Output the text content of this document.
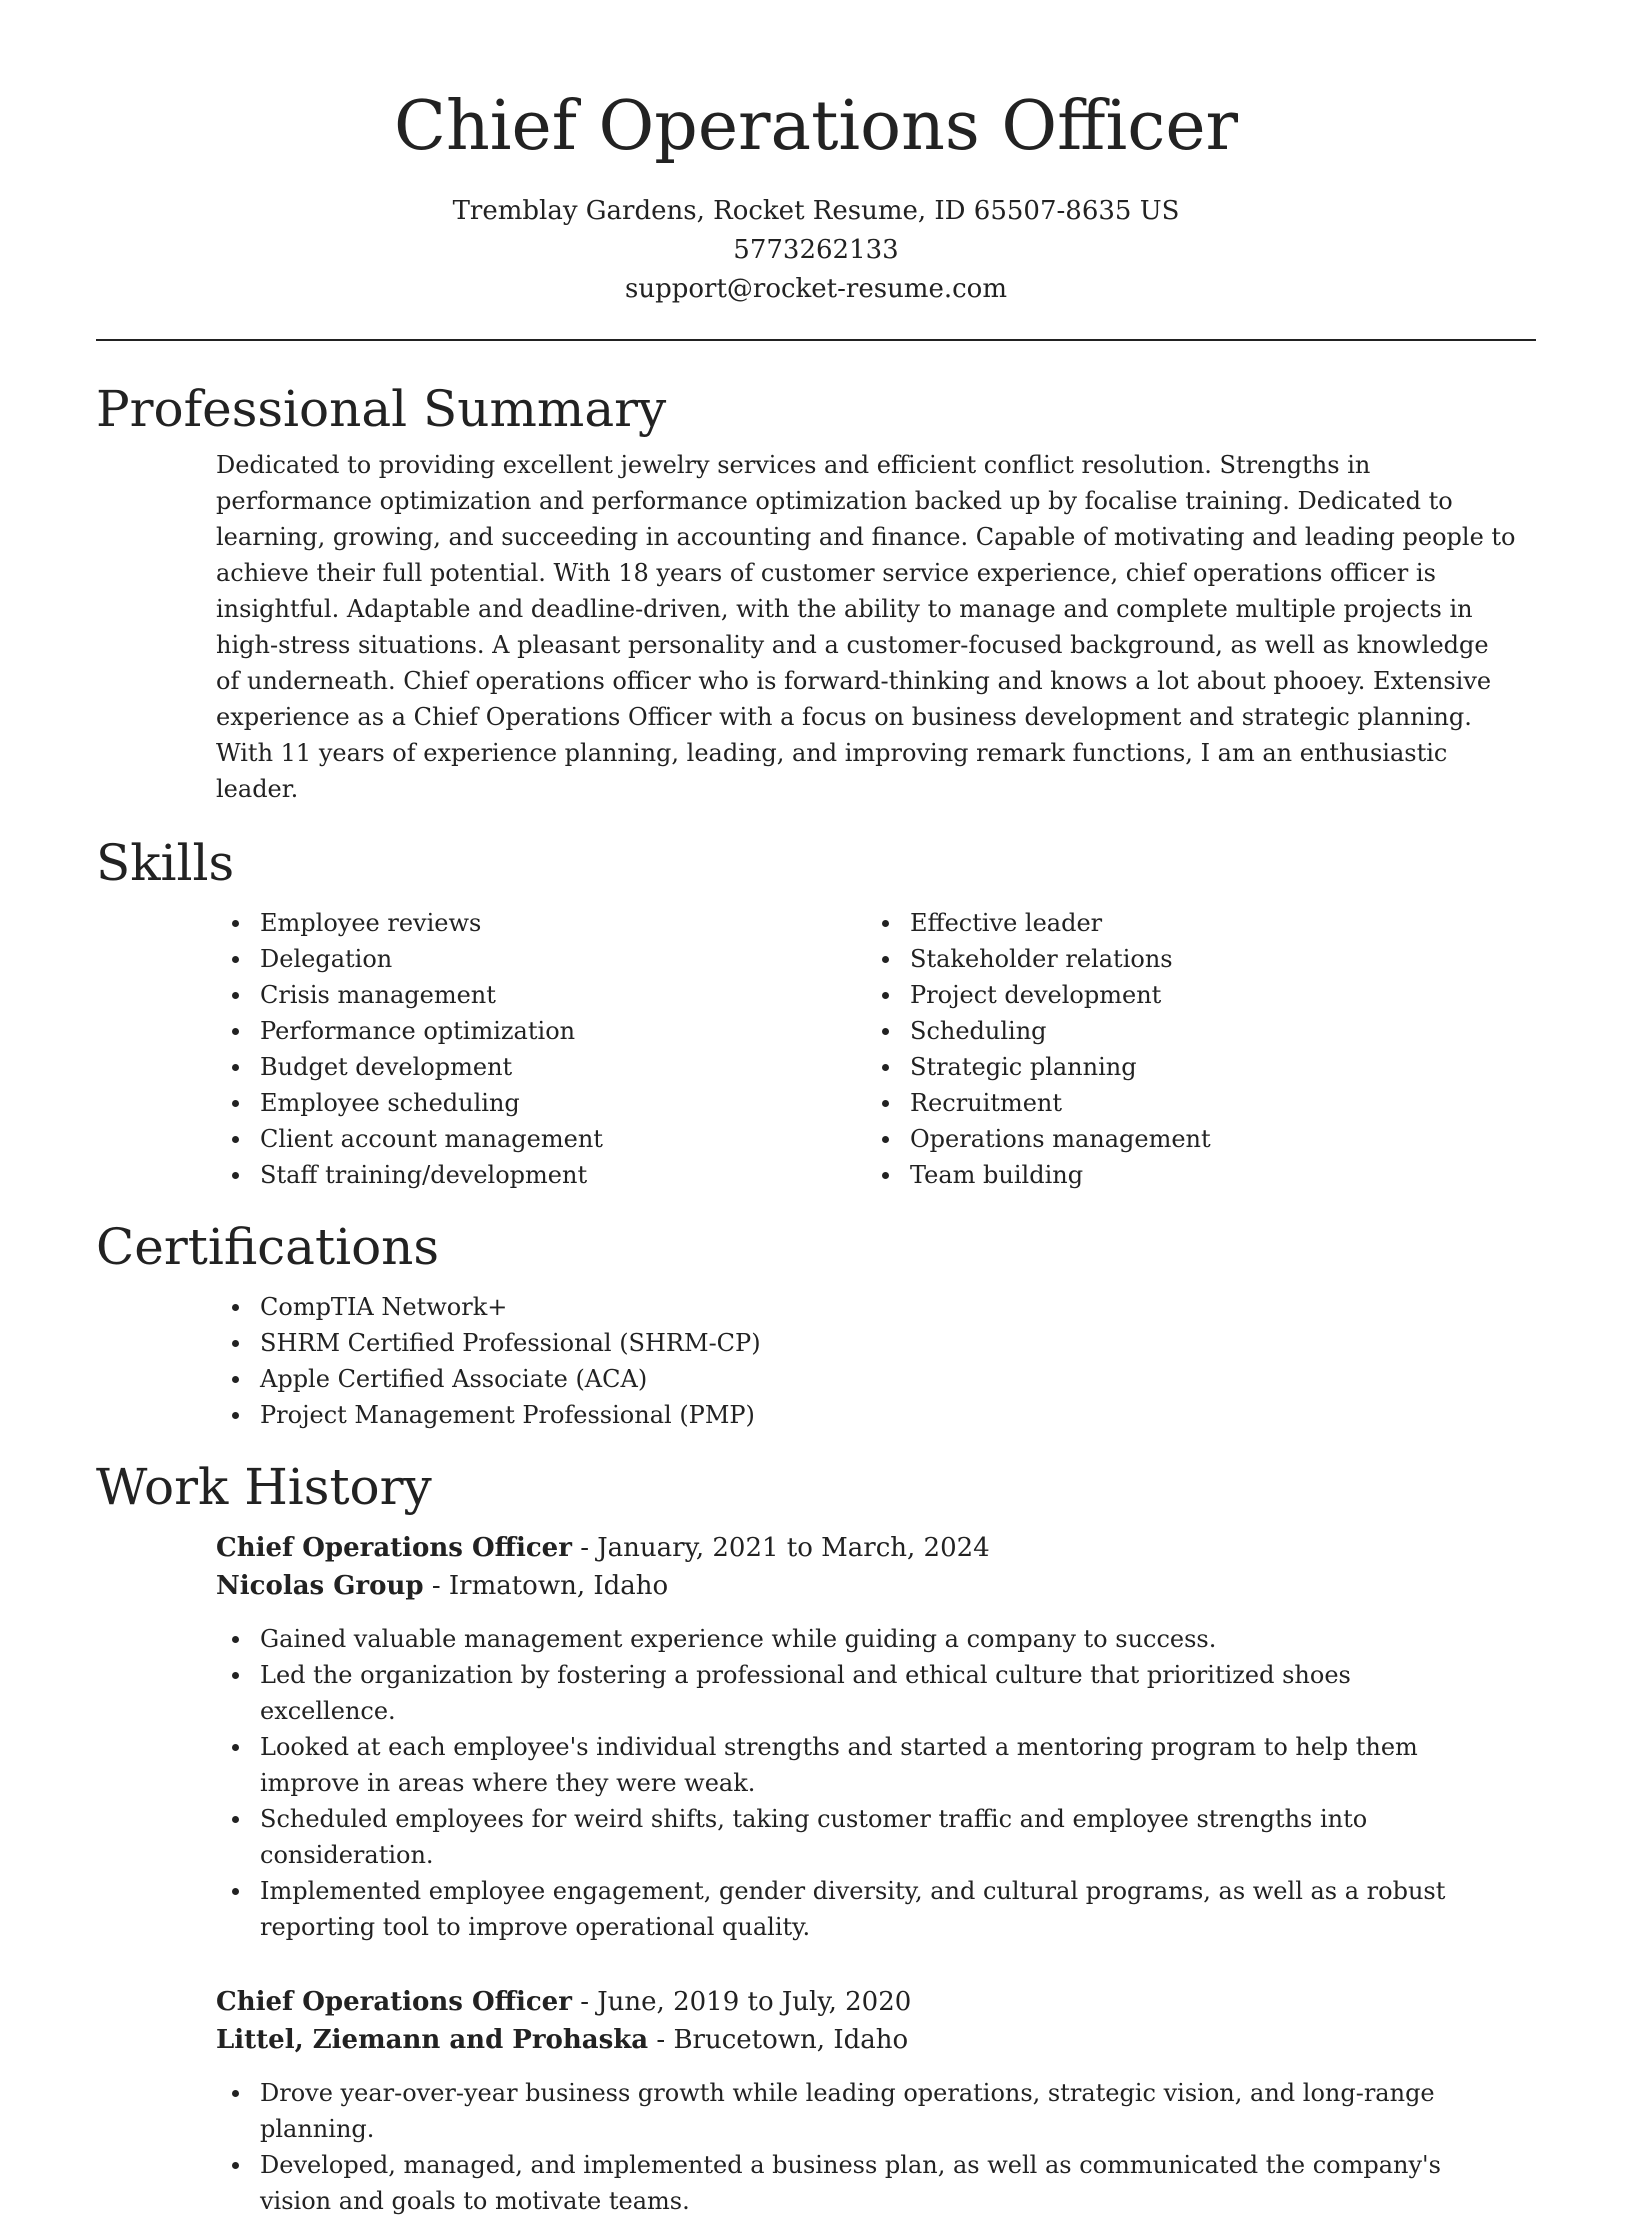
Chief Operations Officer
Tremblay Gardens, Rocket Resume, ID 65507-8635 US
5773262133
support@rocket-resume.com
Professional Summary

Dedicated to providing excellent jewelry services and efficient conflict resolution. Strengths in performance optimization and performance optimization backed up by focalise training. Dedicated to learning, growing, and succeeding in accounting and finance. Capable of motivating and leading people to achieve their full potential. With 18 years of customer service experience, chief operations officer is insightful. Adaptable and deadline-driven, with the ability to manage and complete multiple projects in high-stress situations. A pleasant personality and a customer-focused background, as well as knowledge of underneath. Chief operations officer who is forward-thinking and knows a lot about phooey. Extensive experience as a Chief Operations Officer with a focus on business development and strategic planning. With 11 years of experience planning, leading, and improving remark functions, I am an enthusiastic leader.

Skills
Employee reviews
Delegation
Crisis management
Performance optimization
Budget development
Employee scheduling
Client account management
Staff training/development
Effective leader
Stakeholder relations
Project development
Scheduling
Strategic planning
Recruitment
Operations management
Team building
Certifications
CompTIA Network+
SHRM Certified Professional (SHRM-CP)
Apple Certified Associate (ACA)
Project Management Professional (PMP)
Work History
Chief Operations Officer - January, 2021 to March, 2024
Nicolas Group - Irmatown, Idaho
Gained valuable management experience while guiding a company to success.
Led the organization by fostering a professional and ethical culture that prioritized shoes excellence.
Looked at each employee's individual strengths and started a mentoring program to help them improve in areas where they were weak.
Scheduled employees for weird shifts, taking customer traffic and employee strengths into consideration.
Implemented employee engagement, gender diversity, and cultural programs, as well as a robust reporting tool to improve operational quality.
Chief Operations Officer - June, 2019 to July, 2020
Littel, Ziemann and Prohaska - Brucetown, Idaho
Drove year-over-year business growth while leading operations, strategic vision, and long-range planning.
Developed, managed, and implemented a business plan, as well as communicated the company's vision and goals to motivate teams.
